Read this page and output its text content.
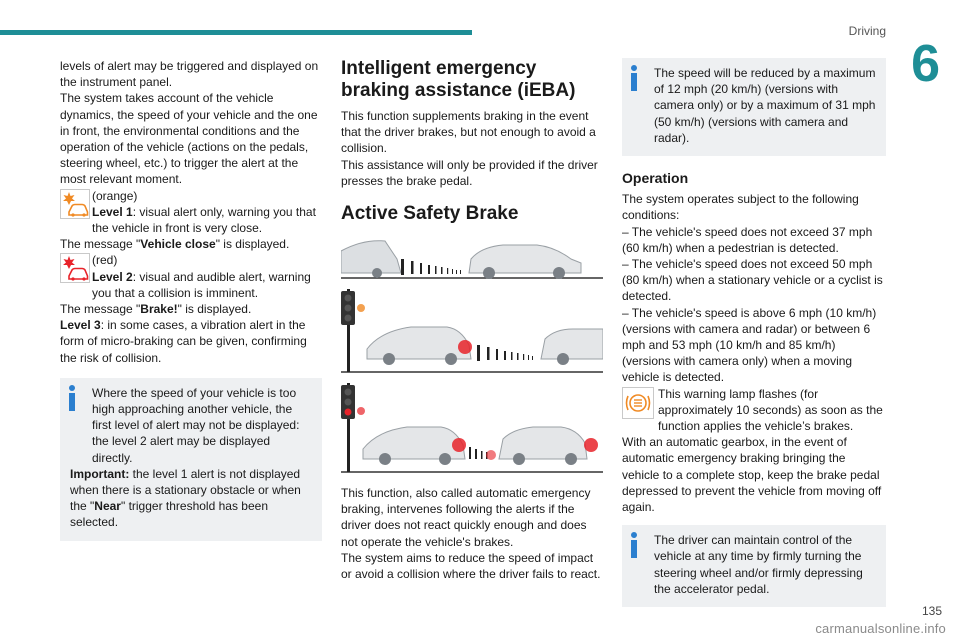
Driving
6
levels of alert may be triggered and displayed on the instrument panel.
The system takes account of the vehicle dynamics, the speed of your vehicle and the one in front, the environmental conditions and the operation of the vehicle (actions on the pedals, steering wheel, etc.) to trigger the alert at the most relevant moment.
(orange)
Level 1: visual alert only, warning you that the vehicle in front is very close.
The message "Vehicle close" is displayed.
(red)
Level 2: visual and audible alert, warning you that a collision is imminent.
The message "Brake!" is displayed.
Level 3: in some cases, a vibration alert in the form of micro-braking can be given, confirming the risk of collision.
Where the speed of your vehicle is too high approaching another vehicle, the first level of alert may not be displayed: the level 2 alert may be displayed directly.
Important: the level 1 alert is not displayed when there is a stationary obstacle or when the "Near" trigger threshold has been selected.
Intelligent emergency braking assistance (iEBA)
This function supplements braking in the event that the driver brakes, but not enough to avoid a collision.
This assistance will only be provided if the driver presses the brake pedal.
Active Safety Brake
This function, also called automatic emergency braking, intervenes following the alerts if the driver does not react quickly enough and does not operate the vehicle's brakes.
The system aims to reduce the speed of impact or avoid a collision where the driver fails to react.
The speed will be reduced by a maximum of 12 mph (20 km/h) (versions with camera only) or by a maximum of 31 mph (50 km/h) (versions with camera and radar).
Operation
The system operates subject to the following conditions:
– The vehicle's speed does not exceed 37 mph (60 km/h) when a pedestrian is detected.
– The vehicle's speed does not exceed 50 mph (80 km/h) when a stationary vehicle or a cyclist is detected.
– The vehicle's speed is above 6 mph (10 km/h) (versions with camera and radar) or between 6 mph and 53 mph (10 km/h and 85 km/h) (versions with camera only) when a moving vehicle is detected.
This warning lamp flashes (for approximately 10 seconds) as soon as the function applies the vehicle’s brakes.
With an automatic gearbox, in the event of automatic emergency braking bringing the vehicle to a complete stop, keep the brake pedal depressed to prevent the vehicle from moving off again.
The driver can maintain control of the vehicle at any time by firmly turning the steering wheel and/or firmly depressing the accelerator pedal.
135
carmanualsonline.info
